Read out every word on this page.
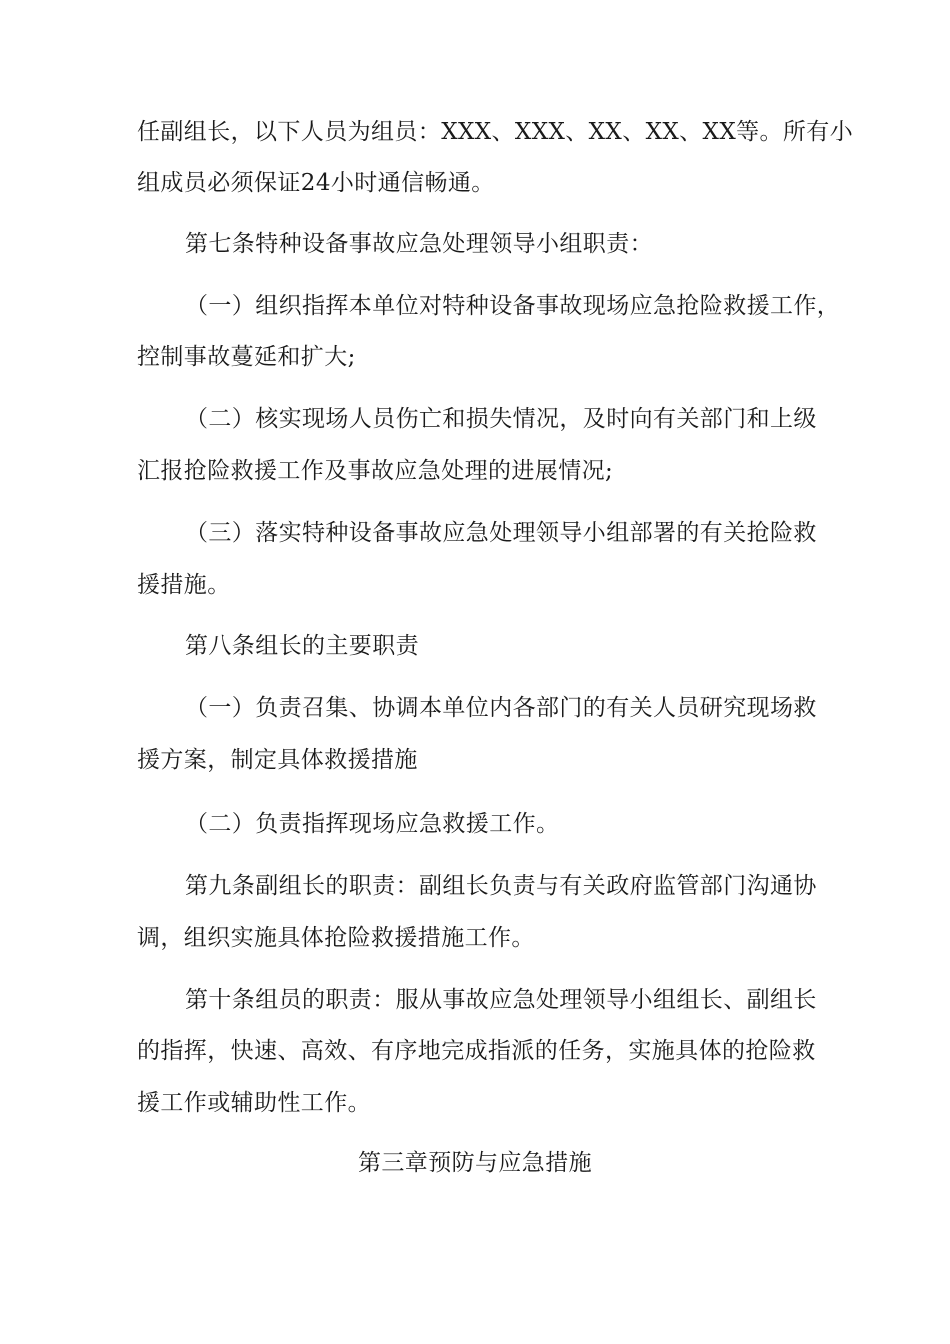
任副组长，以下人员为组员：XXX、XXX、XX、XX、XX等。所有小
组成员必须保证24小时通信畅通。
第七条特种设备事故应急处理领导小组职责：
（一）组织指挥本单位对特种设备事故现场应急抢险救援工作，
控制事故蔓延和扩大;
（二）核实现场人员伤亡和损失情况，及时向有关部门和上级
汇报抢险救援工作及事故应急处理的进展情况;
（三）落实特种设备事故应急处理领导小组部署的有关抢险救
援措施。
第八条组长的主要职责
（一）负责召集、协调本单位内各部门的有关人员研究现场救
援方案，制定具体救援措施
（二）负责指挥现场应急救援工作。
第九条副组长的职责：副组长负责与有关政府监管部门沟通协
调，组织实施具体抢险救援措施工作。
第十条组员的职责：服从事故应急处理领导小组组长、副组长
的指挥，快速、高效、有序地完成指派的任务，实施具体的抢险救
援工作或辅助性工作。
第三章预防与应急措施
